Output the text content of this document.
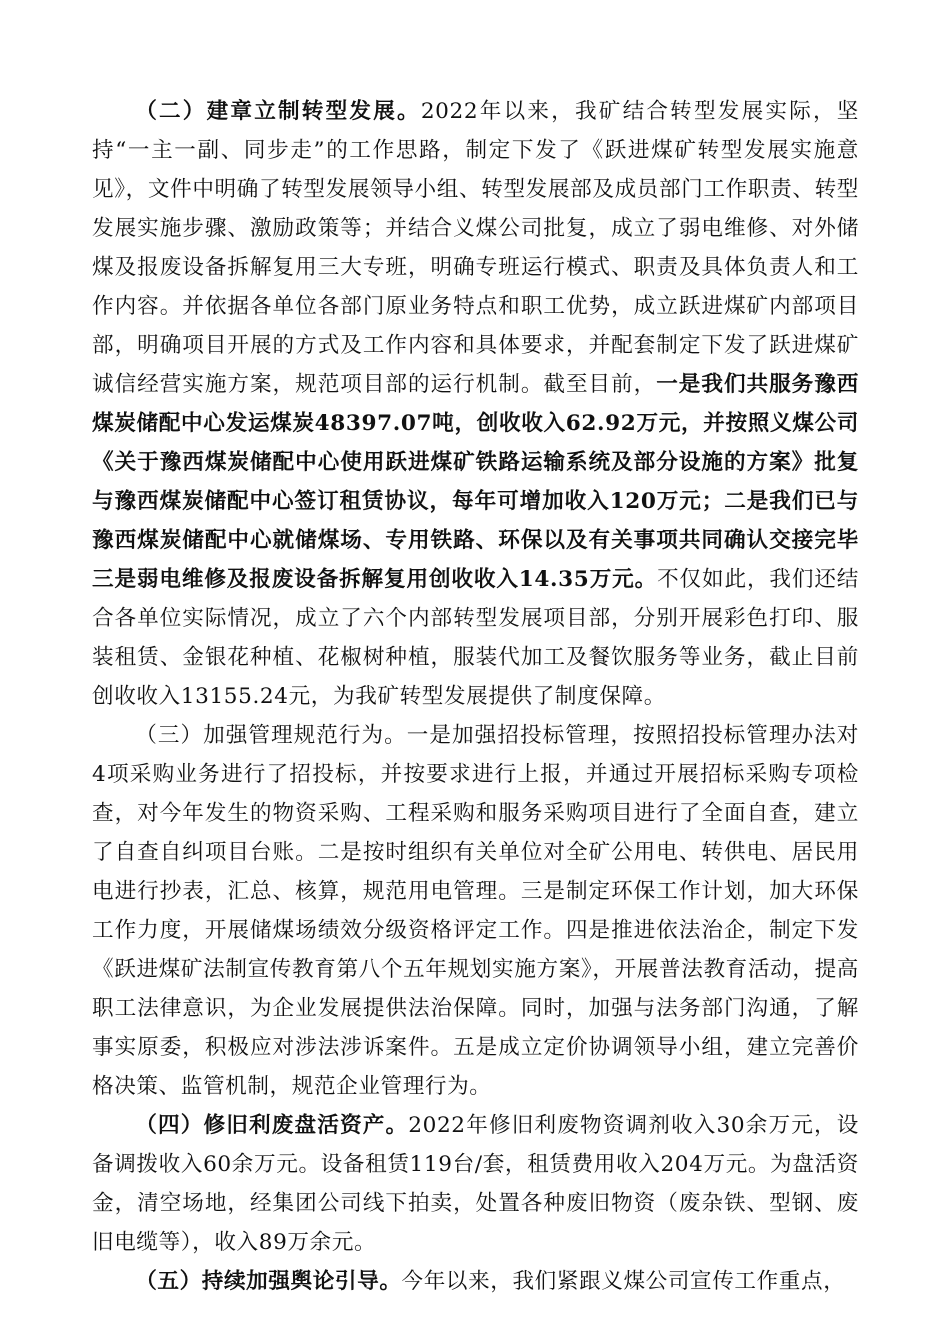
（二）建章立制转型发展。2022年以来，我矿结合转型发展实际，坚持“一主一副、同步走”的工作思路，制定下发了《跃进煤矿转型发展实施意见》，文件中明确了转型发展领导小组、转型发展部及成员部门工作职责、转型发展实施步骤、激励政策等；并结合义煤公司批复，成立了弱电维修、对外储煤及报废设备拆解复用三大专班，明确专班运行模式、职责及具体负责人和工作内容。并依据各单位各部门原业务特点和职工优势，成立跃进煤矿内部项目部，明确项目开展的方式及工作内容和具体要求，并配套制定下发了跃进煤矿诚信经营实施方案，规范项目部的运行机制。截至目前，一是我们共服务豫西煤炭储配中心发运煤炭48397.07吨，创收收入62.92万元，并按照义煤公司《关于豫西煤炭储配中心使用跃进煤矿铁路运输系统及部分设施的方案》批复与豫西煤炭储配中心签订租赁协议，每年可增加收入120万元；二是我们已与豫西煤炭储配中心就储煤场、专用铁路、环保以及有关事项共同确认交接完毕三是弱电维修及报废设备拆解复用创收收入14.35万元。不仅如此，我们还结合各单位实际情况，成立了六个内部转型发展项目部，分别开展彩色打印、服装租赁、金银花种植、花椒树种植，服装代加工及餐饮服务等业务，截止目前创收收入13155.24元，为我矿转型发展提供了制度保障。

（三）加强管理规范行为。一是加强招投标管理，按照招投标管理办法对4项采购业务进行了招投标，并按要求进行上报，并通过开展招标采购专项检查，对今年发生的物资采购、工程采购和服务采购项目进行了全面自查，建立了自查自纠项目台账。二是按时组织有关单位对全矿公用电、转供电、居民用电进行抄表，汇总、核算，规范用电管理。三是制定环保工作计划，加大环保工作力度，开展储煤场绩效分级资格评定工作。四是推进依法治企，制定下发《跃进煤矿法制宣传教育第八个五年规划实施方案》，开展普法教育活动，提高职工法律意识，为企业发展提供法治保障。同时，加强与法务部门沟通，了解事实原委，积极应对涉法涉诉案件。五是成立定价协调领导小组，建立完善价格决策、监管机制，规范企业管理行为。

（四）修旧利废盘活资产。2022年修旧利废物资调剂收入30余万元，设备调拨收入60余万元。设备租赁119台/套，租赁费用收入204万元。为盘活资金，清空场地，经集团公司线下拍卖，处置各种废旧物资（废杂铁、型钢、废旧电缆等），收入89万余元。

（五）持续加强舆论引导。今年以来，我们紧跟义煤公司宣传工作重点，
